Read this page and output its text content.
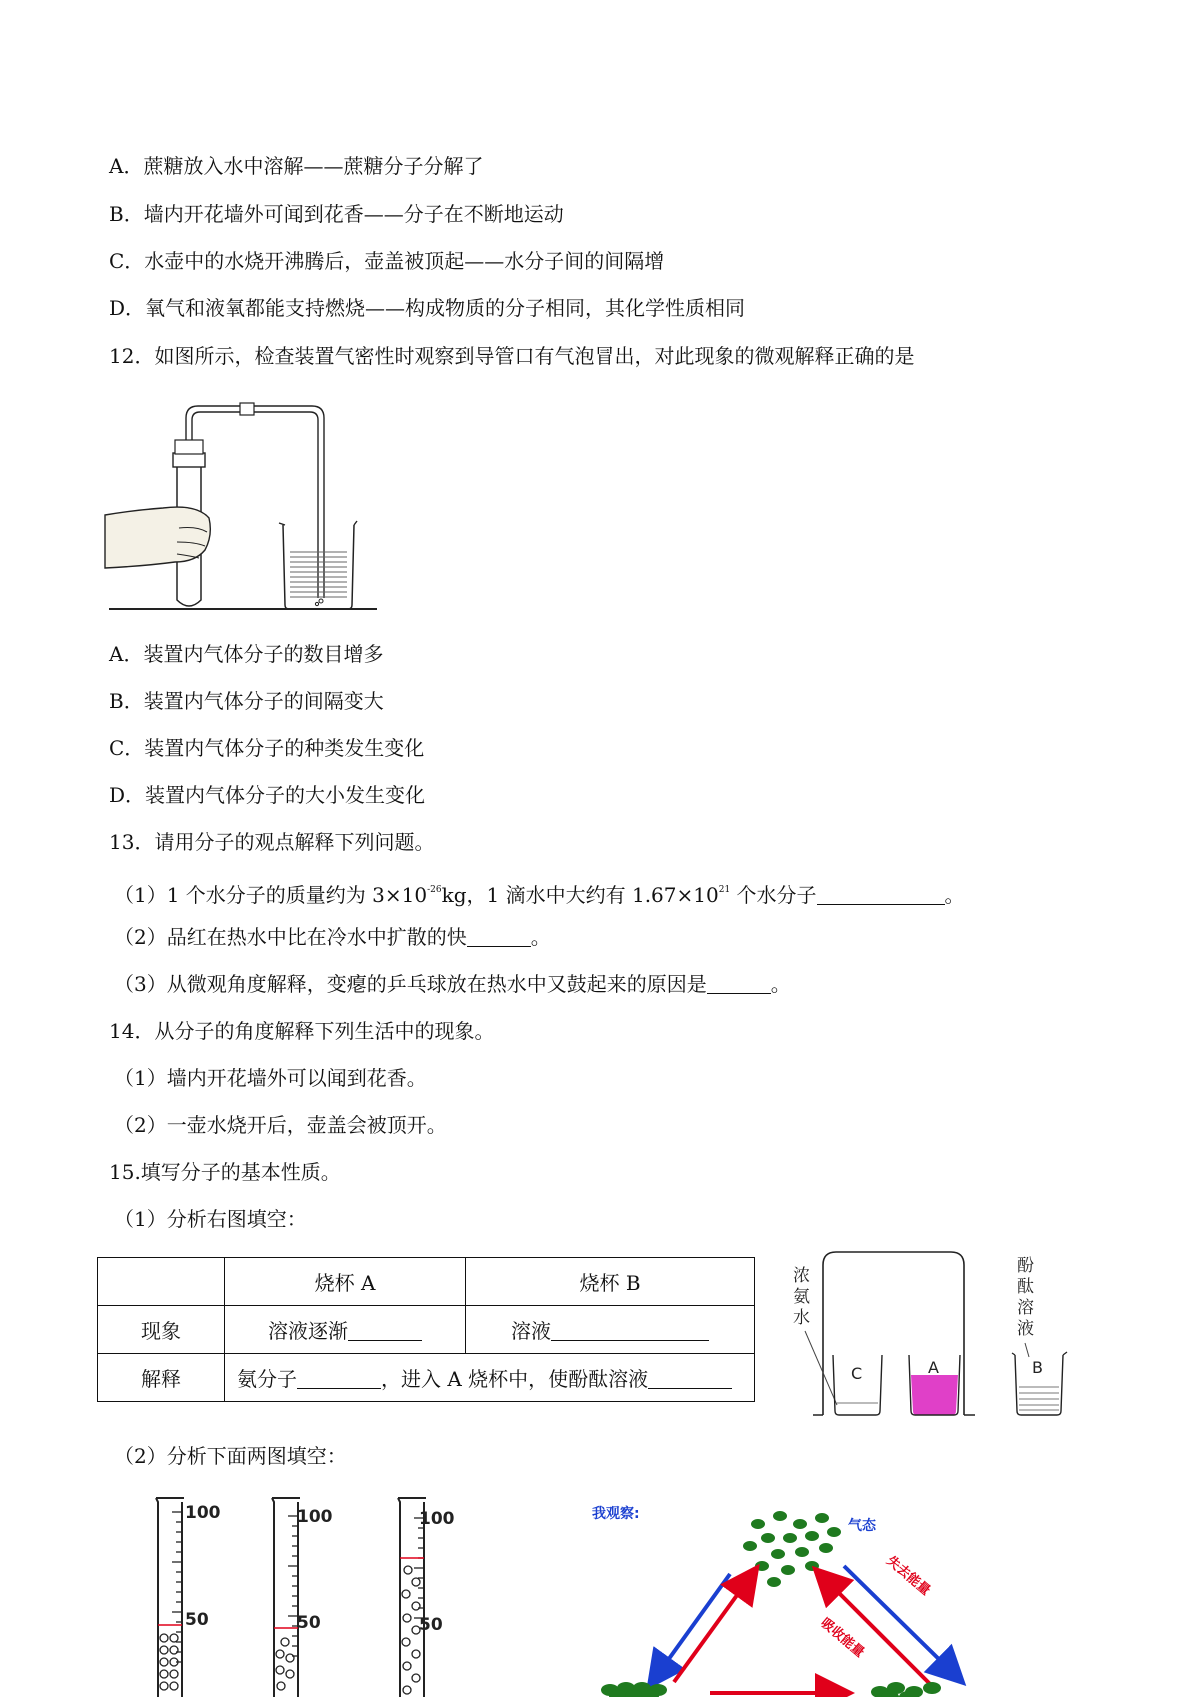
A．蔗糖放入水中溶解——蔗糖分子分解了
B．墙内开花墙外可闻到花香——分子在不断地运动
C．水壶中的水烧开沸腾后，壶盖被顶起——水分子间的间隔增
D．氧气和液氧都能支持燃烧——构成物质的分子相同，其化学性质相同
12．如图所示，检查装置气密性时观察到导管口有气泡冒出，对此现象的微观解释正确的是
A．装置内气体分子的数目增多
B．装置内气体分子的间隔变大
C．装置内气体分子的种类发生变化
D．装置内气体分子的大小发生变化
13．请用分子的观点解释下列问题。
（1）1 个水分子的质量约为 $3\times 10^{-26}kg$，1 滴水中大约有 $1.67\times 10^{21}$ 个水分子	。
（2）品红在热水中比在冷水中扩散的快	。
（3）从微观角度解释，变瘪的乒乓球放在热水中又鼓起来的原因是	。
14．从分子的角度解释下列生活中的现象。
（1）墙内开花墙外可以闻到花香。
（2）一壶水烧开后，壶盖会被顶开。
15.填写分子的基本性质。
（1）分析右图填空：
	烧杯 A	烧杯 B
现象	溶液逐渐	溶液
解释	氨分子 ，进入 A 烧杯中，使酚酞溶液	
浓
氨
水
酚
酞
溶
液
C	A	B
（2）分析下面两图填空：
100
50
100
50
100
50
我观察:
气态
失去能量
吸收能量
